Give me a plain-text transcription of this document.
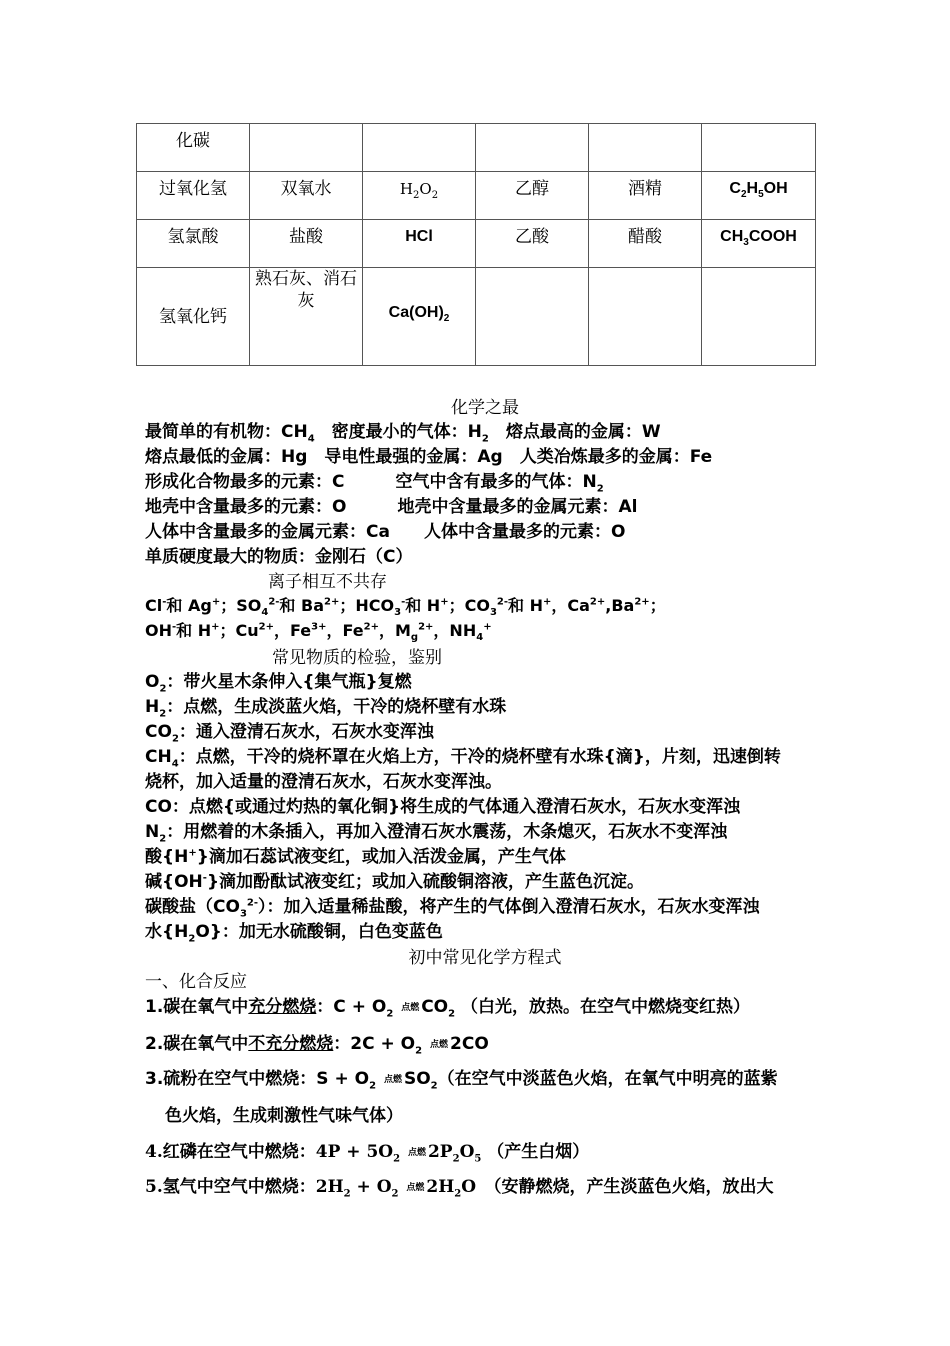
化碳					

过氧化氢	双氧水	$H_2O_2$	乙醇	酒精	$C_2H_5OH$

氢氯酸	盐酸	HCl	乙酸	醋酸	$CH_3COOH$

氢氧化钙	熟石灰、消石灰	$Ca(OH)_2$

化学之最
最简单的有机物：$CH_4$　密度最小的气体：$H_2$　熔点最高的金属：W
熔点最低的金属：Hg　导电性最强的金属：Ag　人类冶炼最多的金属：Fe
形成化合物最多的元素：C　　　空气中含有最多的气体：$N_2$
地壳中含量最多的元素：O　　　地壳中含量最多的金属元素：Al
人体中含量最多的金属元素：Ca　　人体中含量最多的元素：O
单质硬度最大的物质：金刚石（C）
离子相互不共存
Cl-和 Ag+；$SO_4^{2-}$和 $Ba^{2+}$；$HCO_3^-$和 H+；$CO_3^{2-}$和 H+，$Ca^{2+},Ba^{2+}$；
OH-和 H+；$Cu^{2+}$，$Fe^{3+}$，$Fe^{2+}$，$M_g^{2+}$，$NH_4^+$
常见物质的检验，鉴别
$O_2$：带火星木条伸入{集气瓶}复燃
$H_2$：点燃，生成淡蓝火焰，干冷的烧杯壁有水珠
$CO_2$：通入澄清石灰水，石灰水变浑浊
$CH_4$：点燃，干冷的烧杯罩在火焰上方，干冷的烧杯壁有水珠{滴}，片刻，迅速倒转
烧杯，加入适量的澄清石灰水，石灰水变浑浊。
CO：点燃{或通过灼热的氧化铜}将生成的气体通入澄清石灰水，石灰水变浑浊
$N_2$：用燃着的木条插入，再加入澄清石灰水震荡，木条熄灭，石灰水不变浑浊
酸{H+}滴加石蕊试液变红，或加入活泼金属，产生气体
碱{OH-}滴加酚酞试液变红；或加入硫酸铜溶液，产生蓝色沉淀。
碳酸盐$(CO_3^{2-})$：加入适量稀盐酸，将产生的气体倒入澄清石灰水，石灰水变浑浊
水$\{H_2O\}$：加无水硫酸铜，白色变蓝色
初中常见化学方程式
一、化合反应
1.碳在氧气中充分燃烧：$C + O_2$
点燃 $CO_2$ （白光，放热。在空气中燃烧变红热）
2.碳在氧气中不充分燃烧：$2C + O_2$
点燃 2CO
3.硫粉在空气中燃烧：$S + O_2$
点燃 $SO_2$（在空气中淡蓝色火焰，在氧气中明亮的蓝紫
色火焰，生成刺激性气味气体）
4.红磷在空气中燃烧：$4P + 5O_2$
点燃 $2P_2O_5$ （产生白烟）
5.氢气中空气中燃烧：$2H_2 + O_2$
点燃 $2H_2O$　（安静燃烧，产生淡蓝色火焰，放出大
